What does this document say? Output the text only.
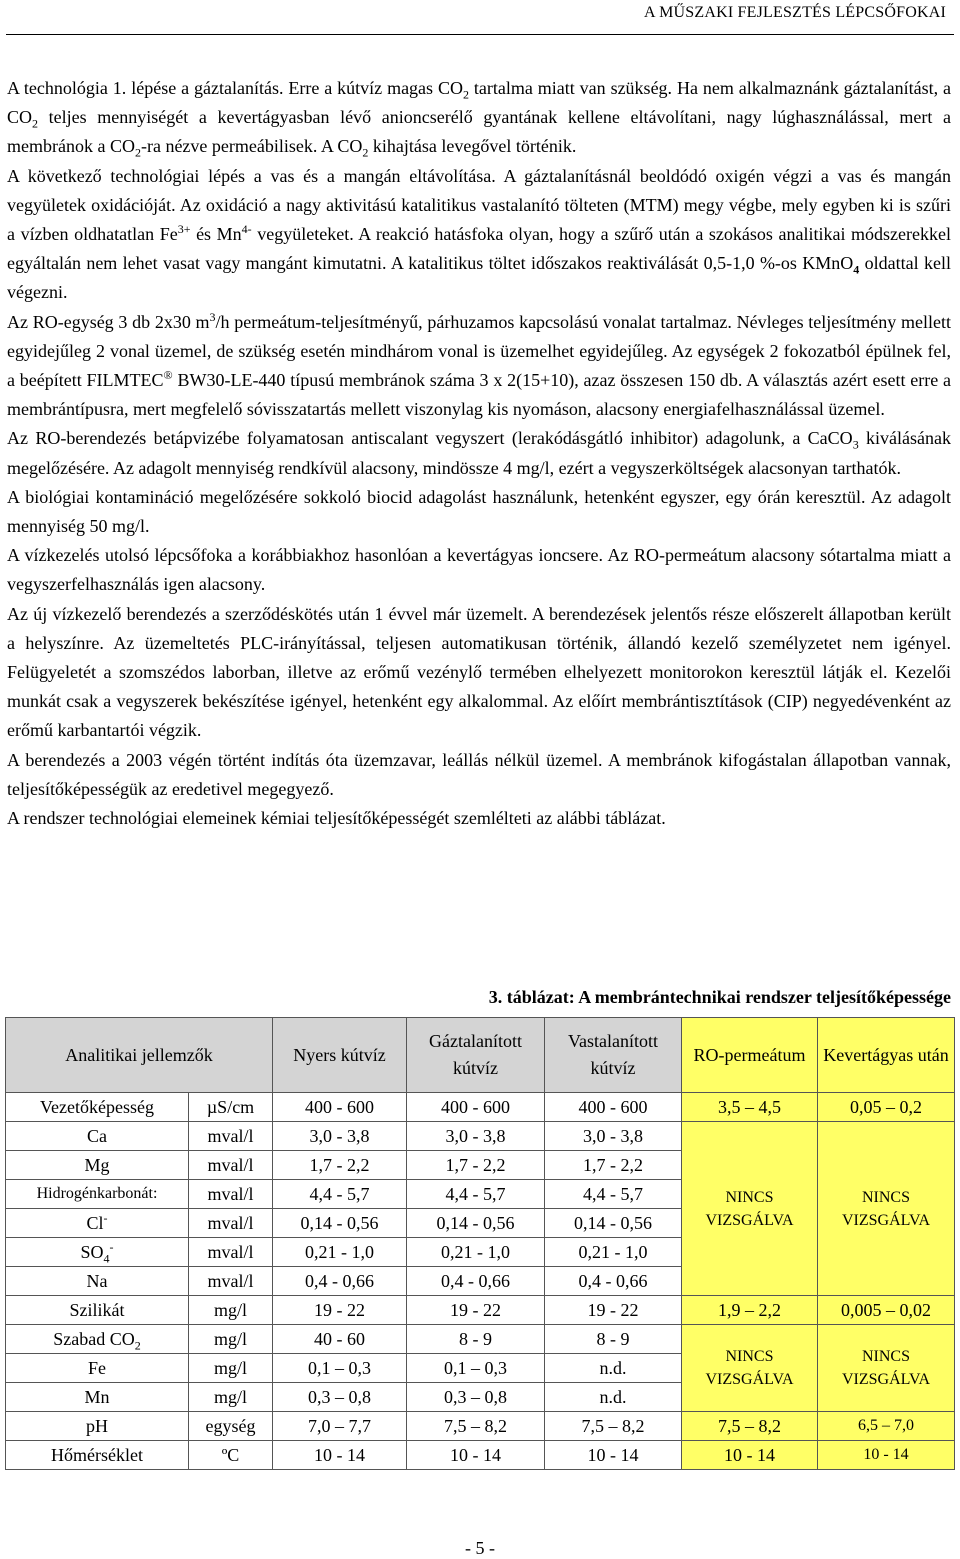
A MŰSZAKI FEJLESZTÉS LÉPCSŐFOKAI

A technológia 1. lépése a gáztalanítás. Erre a kútvíz magas $CO_2$ tartalma miatt van szükség. Ha nem alkalmaznánk gáztalanítást, a $CO_2$ teljes mennyiségét a kevertágyasban lévő anioncserélő gyantának kellene eltávolítani, nagy lúghasználással, mert a membránok a $CO_2-ra$ nézve permeábilisek. A $CO_2$ kihajtása levegővel történik.

A következő technológiai lépés a vas és a mangán eltávolítása. A gáztalanításnál beoldódó oxigén végzi a vas és mangán vegyületek oxidációját. Az oxidáció a nagy aktivitású katalitikus vastalanító tölteten (MTM) megy végbe, mely egyben ki is szűri a vízben oldhatatlan $Fe^{3+}$ és $Mn^{4-}$ vegyületeket. A reakció hatásfoka olyan, hogy a szűrő után a szokásos analitikai módszerekkel egyáltalán nem lehet vasat vagy mangánt kimutatni. A katalitikus töltet időszakos reaktiválását 0,5-1,0 %-os KMnO$_4$ oldattal kell végezni.

Az RO-egység 3 db 2x30 $m^3/h$ permeátum-teljesítményű, párhuzamos kapcsolású vonalat tartalmaz. Névleges teljesítmény mellett egyidejűleg 2 vonal üzemel, de szükség esetén mindhárom vonal is üzemelhet egyidejűleg. Az egységek 2 fokozatból épülnek fel, a beépített FILMTEC® BW30-LE-440 típusú membránok száma 3 x 2(15+10), azaz összesen 150 db. A választás azért esett erre a membrántípusra, mert megfelelő sóvisszatartás mellett viszonylag kis nyomáson, alacsony energiafelhasználással üzemel.

Az RO-berendezés betápvizébe folyamatosan antiscalant vegyszert (lerakódásgátló inhibitor) adagolunk, a CaCO$_3$ kiválásának megelőzésére. Az adagolt mennyiség rendkívül alacsony, mindössze 4 mg/l, ezért a vegyszerköltségek alacsonyan tarthatók.

A biológiai kontamináció megelőzésére sokkoló biocid adagolást használunk, hetenként egyszer, egy órán keresztül. Az adagolt mennyiség 50 mg/l.

A vízkezelés utolsó lépcsőfoka a korábbiakhoz hasonlóan a kevertágyas ioncsere. Az RO-permeátum alacsony sótartalma miatt a vegyszerfelhasználás igen alacsony.

Az új vízkezelő berendezés a szerződéskötés után 1 évvel már üzemelt. A berendezések jelentős része előszerelt állapotban került a helyszínre. Az üzemeltetés PLC-irányítással, teljesen automatikusan történik, állandó kezelő személyzetet nem igényel. Felügyeletét a szomszédos laborban, illetve az erőmű vezénylő termében elhelyezett monitorokon keresztül látják el. Kezelői munkát csak a vegyszerek bekészítése igényel, hetenként egy alkalommal. Az előírt membrántisztítások (CIP) negyedévenként az erőmű karbantartói végzik.

A berendezés a 2003 végén történt indítás óta üzemzavar, leállás nélkül üzemel. A membránok kifogástalan állapotban vannak, teljesítőképességük az eredetivel megegyező.

A rendszer technológiai elemeinek kémiai teljesítőképességét szemlélteti az alábbi táblázat.

3. táblázat: A membrántechnikai rendszer teljesítőképessége
Analitikai jellemzők		Nyers kútvíz	Gáztalanított kútvíz	Vastalanított kútvíz	RO-permeátum	Kevertágyas után
Vezetőképesség	µS/cm	400 - 600	400 - 600	400 - 600	3,5 – 4,5	0,05 – 0,2
Ca	mval/l	3,0 - 3,8	3,0 - 3,8	3,0 - 3,8	NINCS VIZSGÁLVA	NINCS VIZSGÁLVA
Mg	mval/l	1,7 - 2,2	1,7 - 2,2	1,7 - 2,2		
Hidrogénkarbonát:	mval/l	4,4 - 5,7	4,4 - 5,7	4,4 - 5,7		
Cl-	mval/l	0,14 - 0,56	0,14 - 0,56	0,14 - 0,56		
$SO_4^-$	mval/l	0,21 - 1,0	0,21 - 1,0	0,21 - 1,0		
Na	mval/l	0,4 - 0,66	0,4 - 0,66	0,4 - 0,66		
Szilikát	mg/l	19 - 22	19 - 22	19 - 22	1,9 – 2,2	0,005 – 0,02
Szabad $CO_2$	mg/l	40 - 60	8 - 9	8 - 9	NINCS VIZSGÁLVA	NINCS VIZSGÁLVA
Fe	mg/l	0,1 – 0,3	0,1 – 0,3	n.d.		
Mn	mg/l	0,3 – 0,8	0,3 – 0,8	n.d.		
pH	egység	7,0 – 7,7	7,5 – 8,2	7,5 – 8,2	7,5 – 8,2	6,5 – 7,0
Hőmérséklet	ºC	10 - 14	10 - 14	10 - 14	10 - 14	10 - 14
- 5 -
